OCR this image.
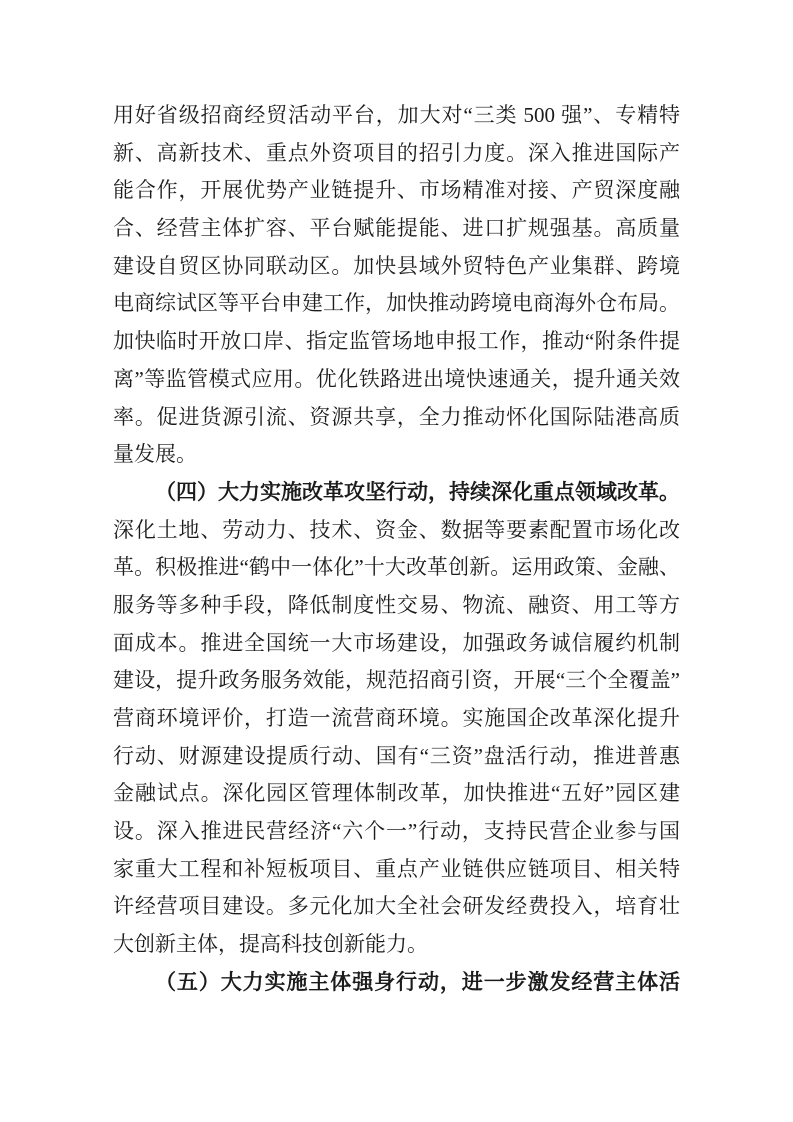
用好省级招商经贸活动平台，加大对“三类 500 强”、专精特
新、高新技术、重点外资项目的招引力度。深入推进国际产
能合作，开展优势产业链提升、市场精准对接、产贸深度融
合、经营主体扩容、平台赋能提能、进口扩规强基。高质量
建设自贸区协同联动区。加快县域外贸特色产业集群、跨境
电商综试区等平台申建工作，加快推动跨境电商海外仓布局。
加快临时开放口岸、指定监管场地申报工作，推动“附条件提
离”等监管模式应用。优化铁路进出境快速通关，提升通关效
率。促进货源引流、资源共享，全力推动怀化国际陆港高质
量发展。
（四）大力实施改革攻坚行动，持续深化重点领域改革。
深化土地、劳动力、技术、资金、数据等要素配置市场化改
革。积极推进“鹤中一体化”十大改革创新。运用政策、金融、
服务等多种手段，降低制度性交易、物流、融资、用工等方
面成本。推进全国统一大市场建设，加强政务诚信履约机制
建设，提升政务服务效能，规范招商引资，开展“三个全覆盖”
营商环境评价，打造一流营商环境。实施国企改革深化提升
行动、财源建设提质行动、国有“三资”盘活行动，推进普惠
金融试点。深化园区管理体制改革，加快推进“五好”园区建
设。深入推进民营经济“六个一”行动，支持民营企业参与国
家重大工程和补短板项目、重点产业链供应链项目、相关特
许经营项目建设。多元化加大全社会研发经费投入，培育壮
大创新主体，提高科技创新能力。
（五）大力实施主体强身行动，进一步激发经营主体活
